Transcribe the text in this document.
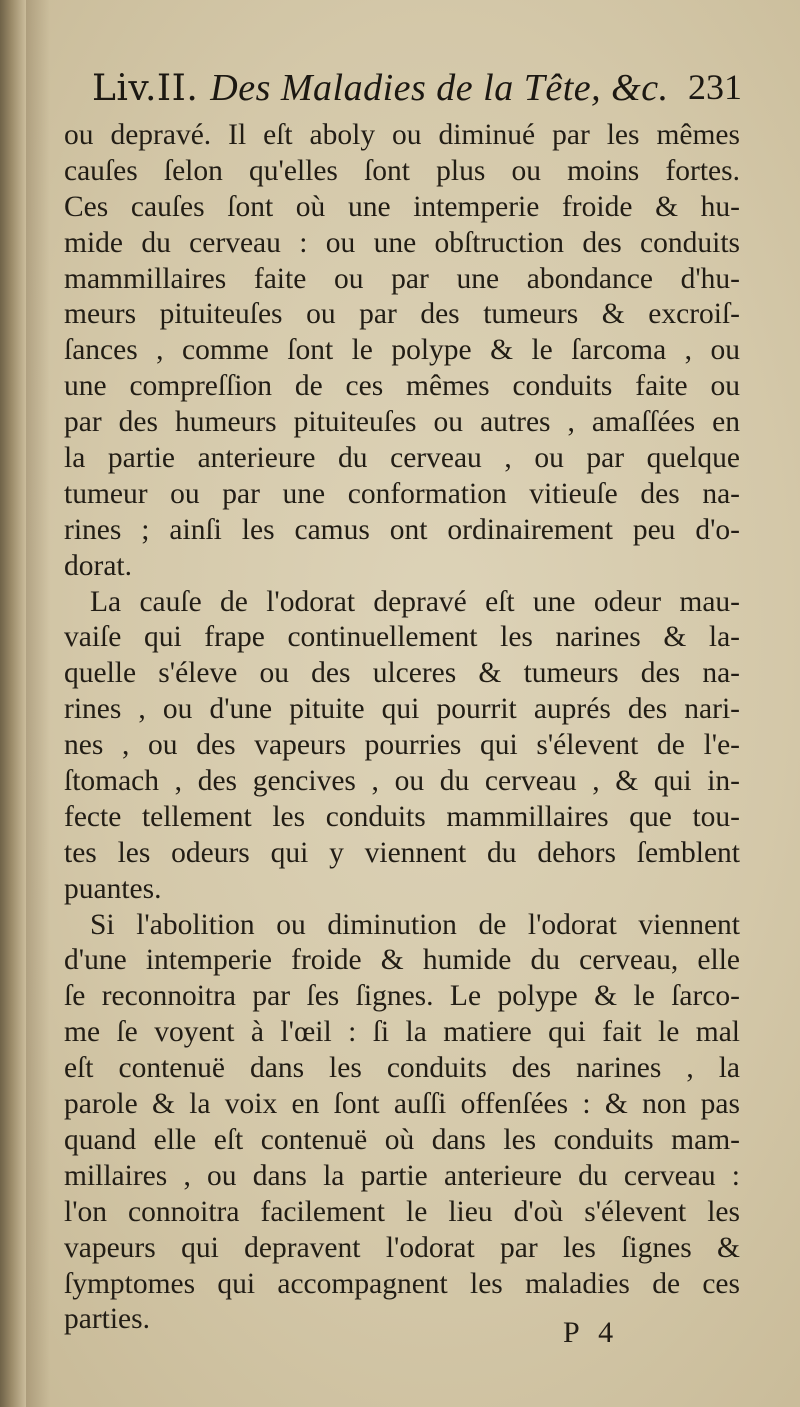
Liv.II. Des Maladies de la Tête, &c. 231
ou depravé. Il eſt aboly ou diminué par les mêmes
cauſes ſelon qu'elles ſont plus ou moins fortes.
Ces cauſes ſont où une intemperie froide & hu-
mide du cerveau : ou une obſtruction des conduits
mammillaires faite ou par une abondance d'hu-
meurs pituiteuſes ou par des tumeurs & excroiſ-
ſances , comme ſont le polype & le ſarcoma , ou
une compreſſion de ces mêmes conduits faite ou
par des humeurs pituiteuſes ou autres , amaſſées en
la partie anterieure du cerveau , ou par quelque
tumeur ou par une conformation vitieuſe des na-
rines ; ainſi les camus ont ordinairement peu d'o-
dorat.
La cauſe de l'odorat depravé eſt une odeur mau-
vaiſe qui frape continuellement les narines & la-
quelle s'éleve ou des ulceres & tumeurs des na-
rines , ou d'une pituite qui pourrit auprés des nari-
nes , ou des vapeurs pourries qui s'élevent de l'e-
ſtomach , des gencives , ou du cerveau , & qui in-
fecte tellement les conduits mammillaires que tou-
tes les odeurs qui y viennent du dehors ſemblent
puantes.
Si l'abolition ou diminution de l'odorat viennent
d'une intemperie froide & humide du cerveau, elle
ſe reconnoitra par ſes ſignes. Le polype & le ſarco-
me ſe voyent à l'œil : ſi la matiere qui fait le mal
eſt contenuë dans les conduits des narines , la
parole & la voix en ſont auſſi offenſées : & non pas
quand elle eſt contenuë où dans les conduits mam-
millaires , ou dans la partie anterieure du cerveau :
l'on connoitra facilement le lieu d'où s'élevent les
vapeurs qui depravent l'odorat par les ſignes &
ſymptomes qui accompagnent les maladies de ces
parties.	P 4
